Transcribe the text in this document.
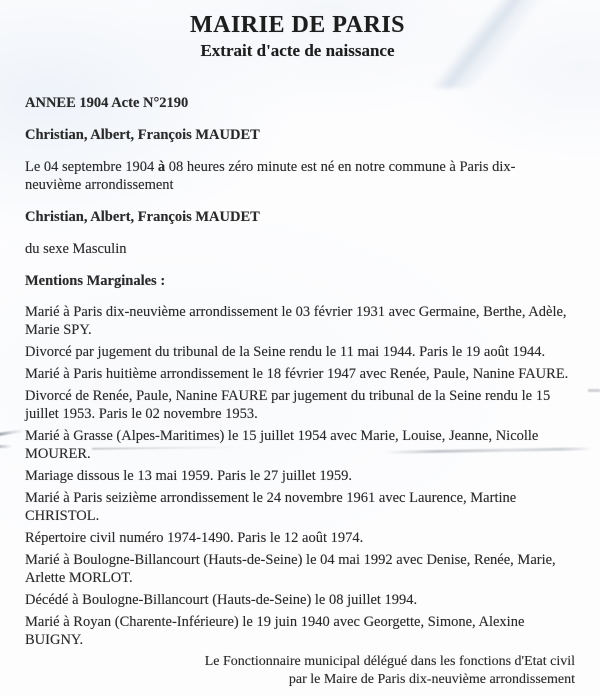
MAIRIE DE PARIS
Extrait d'acte de naissance

ANNEE 1904 Acte N°2190

Christian, Albert, François MAUDET

Le 04 septembre 1904 à 08 heures zéro minute est né en notre commune à Paris dix-neuvième arrondissement

Christian, Albert, François MAUDET

du sexe Masculin

Mentions Marginales :

Marié à Paris dix-neuvième arrondissement le 03 février 1931 avec Germaine, Berthe, Adèle, Marie SPY.

Divorcé par jugement du tribunal de la Seine rendu le 11 mai 1944. Paris le 19 août 1944.

Marié à Paris huitième arrondissement le 18 février 1947 avec Renée, Paule, Nanine FAURE.

Divorcé de Renée, Paule, Nanine FAURE par jugement du tribunal de la Seine rendu le 15 juillet 1953. Paris le 02 novembre 1953.

Marié à Grasse (Alpes-Maritimes) le 15 juillet 1954 avec Marie, Louise, Jeanne, Nicolle MOURER.

Mariage dissous le 13 mai 1959. Paris le 27 juillet 1959.

Marié à Paris seizième arrondissement le 24 novembre 1961 avec Laurence, Martine CHRISTOL.

Répertoire civil numéro 1974-1490. Paris le 12 août 1974.

Marié à Boulogne-Billancourt (Hauts-de-Seine) le 04 mai 1992 avec Denise, Renée, Marie, Arlette MORLOT.

Décédé à Boulogne-Billancourt (Hauts-de-Seine) le 08 juillet 1994.

Marié à Royan (Charente-Inférieure) le 19 juin 1940 avec Georgette, Simone, Alexine BUIGNY.

Le Fonctionnaire municipal délégué dans les fonctions d'Etat civil

par le Maire de Paris dix-neuvième arrondissement
